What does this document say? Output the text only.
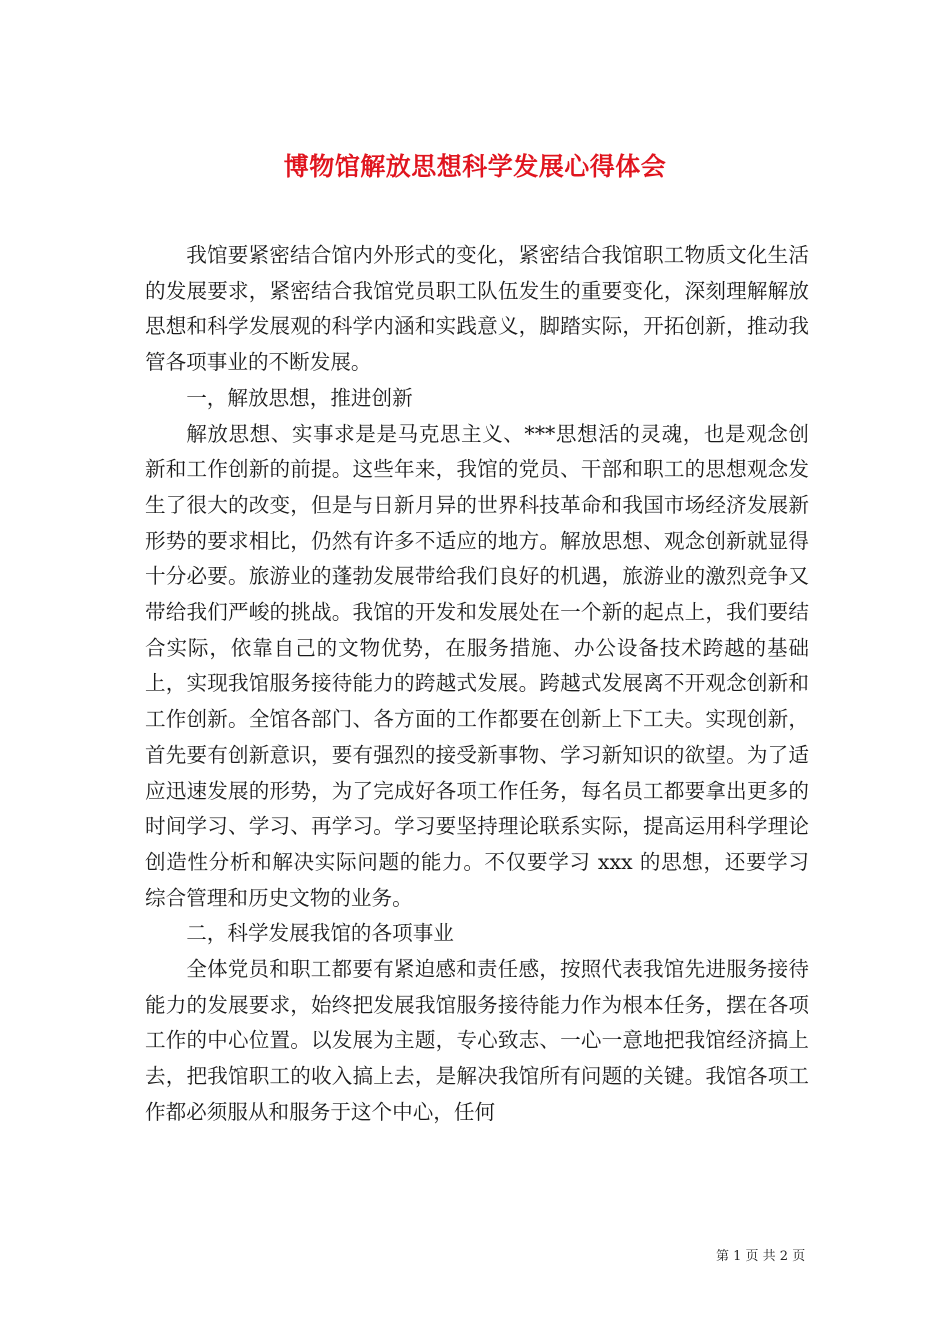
博物馆解放思想科学发展心得体会

我馆要紧密结合馆内外形式的变化，紧密结合我馆职工物质文化生活的发展要求，紧密结合我馆党员职工队伍发生的重要变化，深刻理解解放思想和科学发展观的科学内涵和实践意义，脚踏实际，开拓创新，推动我管各项事业的不断发展。

一，解放思想，推进创新

解放思想、实事求是是马克思主义、***思想活的灵魂，也是观念创新和工作创新的前提。这些年来，我馆的党员、干部和职工的思想观念发生了很大的改变，但是与日新月异的世界科技革命和我国市场经济发展新形势的要求相比，仍然有许多不适应的地方。解放思想、观念创新就显得十分必要。旅游业的蓬勃发展带给我们良好的机遇，旅游业的激烈竞争又带给我们严峻的挑战。我馆的开发和发展处在一个新的起点上，我们要结合实际，依靠自己的文物优势，在服务措施、办公设备技术跨越的基础上，实现我馆服务接待能力的跨越式发展。跨越式发展离不开观念创新和工作创新。全馆各部门、各方面的工作都要在创新上下工夫。实现创新，首先要有创新意识，要有强烈的接受新事物、学习新知识的欲望。为了适应迅速发展的形势，为了完成好各项工作任务，每名员工都要拿出更多的时间学习、学习、再学习。学习要坚持理论联系实际，提高运用科学理论创造性分析和解决实际问题的能力。不仅要学习 xxx 的思想，还要学习综合管理和历史文物的业务。

二，科学发展我馆的各项事业

全体党员和职工都要有紧迫感和责任感，按照代表我馆先进服务接待能力的发展要求，始终把发展我馆服务接待能力作为根本任务，摆在各项工作的中心位置。以发展为主题，专心致志、一心一意地把我馆经济搞上去，把我馆职工的收入搞上去，是解决我馆所有问题的关键。我馆各项工作都必须服从和服务于这个中心，任何

第 1 页 共 2 页
